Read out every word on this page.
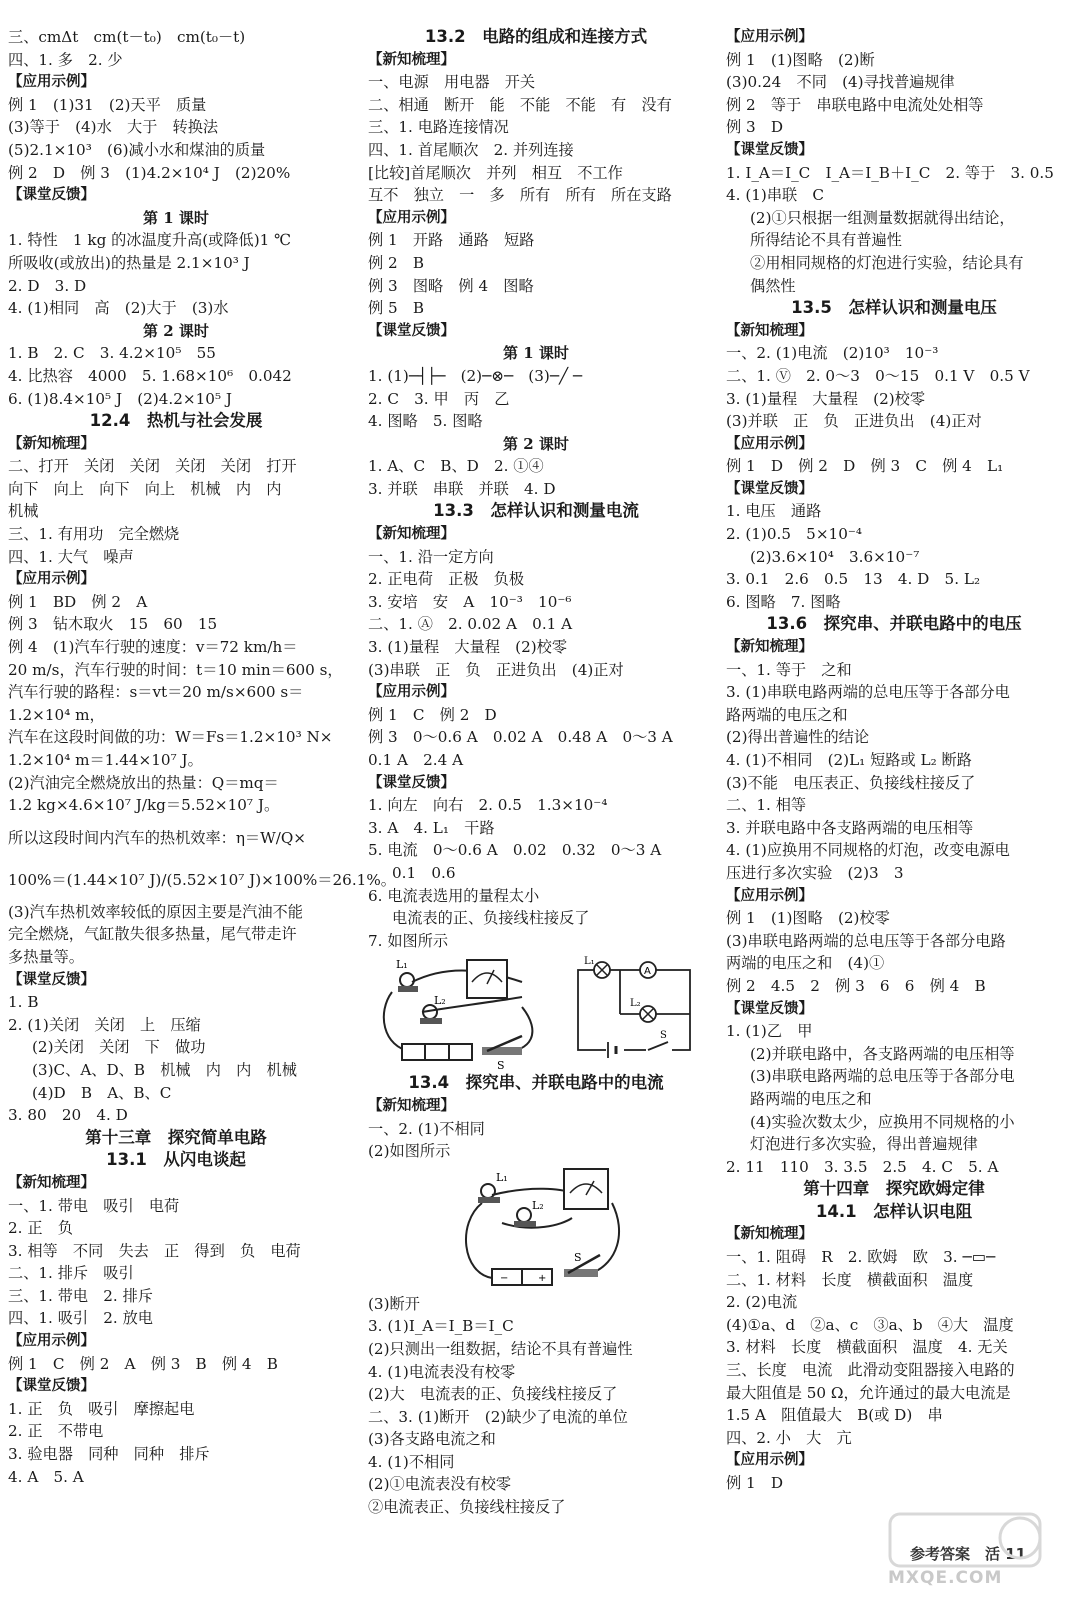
三、cmΔt　cm(t－t₀)　cm(t₀－t)
四、1. 多　2. 少
【应用示例】
例 1　(1)31　(2)天平　质量
(3)等于　(4)水　大于　转换法
(5)2.1×10³　(6)减小水和煤油的质量
例 2　D　例 3　(1)4.2×10⁴ J　(2)20%
【课堂反馈】
第 1 课时
1. 特性　1 kg 的冰温度升高(或降低)1 ℃
所吸收(或放出)的热量是 2.1×10³ J
2. D　3. D
4. (1)相同　高　(2)大于　(3)水
第 2 课时
1. B　2. C　3. 4.2×10⁵　55
4. 比热容　4000　5. 1.68×10⁶　0.042
6. (1)8.4×10⁵ J　(2)4.2×10⁵ J
12.4　热机与社会发展
【新知梳理】
二、打开　关闭　关闭　关闭　关闭　打开
向下　向上　向下　向上　机械　内　内
机械
三、1. 有用功　完全燃烧
四、1. 大气　噪声
【应用示例】
例 1　BD　例 2　A
例 3　钻木取火　15　60　15
例 4　(1)汽车行驶的速度：v＝72 km/h＝
20 m/s，汽车行驶的时间：t＝10 min＝600 s，
汽车行驶的路程：s＝vt＝20 m/s×600 s＝
1.2×10⁴ m，
汽车在这段时间做的功：W＝Fs＝1.2×10³ N×
1.2×10⁴ m＝1.44×10⁷ J。
(2)汽油完全燃烧放出的热量：Q＝mq＝
1.2 kg×4.6×10⁷ J/kg＝5.52×10⁷ J。
所以这段时间内汽车的热机效率：η＝W/Q×
100%＝(1.44×10⁷ J)/(5.52×10⁷ J)×100%＝26.1%。
(3)汽车热机效率较低的原因主要是汽油不能
完全燃烧，气缸散失很多热量，尾气带走许
多热量等。
【课堂反馈】
1. B
2. (1)关闭　关闭　上　压缩
(2)关闭　关闭　下　做功
(3)C、A、D、B　机械　内　内　机械
(4)D　B　A、B、C
3. 80　20　4. D
第十三章　探究简单电路
13.1　从闪电谈起
【新知梳理】
一、1. 带电　吸引　电荷
2. 正　负
3. 相等　不同　失去　正　得到　负　电荷
二、1. 排斥　吸引
三、1. 带电　2. 排斥
四、1. 吸引　2. 放电
【应用示例】
例 1　C　例 2　A　例 3　B　例 4　B
【课堂反馈】
1. 正　负　吸引　摩擦起电
2. 正　不带电
3. 验电器　同种　同种　排斥
4. A　5. A
13.2　电路的组成和连接方式
【新知梳理】
一、电源　用电器　开关
二、相通　断开　能　不能　不能　有　没有
三、1. 电路连接情况
四、1. 首尾顺次　2. 并列连接
[比较]首尾顺次　并列　相互　不工作
互不　独立　一　多　所有　所有　所在支路
【应用示例】
例 1　开路　通路　短路
例 2　B
例 3　图略　例 4　图略
例 5　B
【课堂反馈】
第 1 课时
1. (1)─┤├─　(2)─⊗─　(3)─╱ ─
2. C　3. 甲　丙　乙
4. 图略　5. 图略
第 2 课时
1. A、C　B、D　2. ①④
3. 并联　串联　并联　4. D
13.3　怎样认识和测量电流
【新知梳理】
一、1. 沿一定方向
2. 正电荷　正极　负极
3. 安培　安　A　10⁻³　10⁻⁶
二、1. Ⓐ　2. 0.02 A　0.1 A
3. (1)量程　大量程　(2)校零
(3)串联　正　负　正进负出　(4)正对
【应用示例】
例 1　C　例 2　D
例 3　0～0.6 A　0.02 A　0.48 A　0～3 A
0.1 A　2.4 A
【课堂反馈】
1. 向左　向右　2. 0.5　1.3×10⁻⁴
3. A　4. L₁　干路
5. 电流　0～0.6 A　0.02　0.32　0～3 A
0.1　0.6
6. 电流表选用的量程太小
电流表的正、负接线柱接反了
7. 如图所示
L₁
L₂
S
A
L₁
L₂
S
13.4　探究串、并联电路中的电流
【新知梳理】
一、2. (1)不相同
(2)如图所示
−	+
L₁
L₂
S
(3)断开
3. (1)I_A＝I_B＝I_C
(2)只测出一组数据，结论不具有普遍性
4. (1)电流表没有校零
(2)大　电流表的正、负接线柱接反了
二、3. (1)断开　(2)缺少了电流的单位
(3)各支路电流之和
4. (1)不相同
(2)①电流表没有校零
②电流表正、负接线柱接反了
【应用示例】
例 1　(1)图略　(2)断
(3)0.24　不同　(4)寻找普遍规律
例 2　等于　串联电路中电流处处相等
例 3　D
【课堂反馈】
1. I_A＝I_C　I_A＝I_B＋I_C　2. 等于　3. 0.5
4. (1)串联　C
(2)①只根据一组测量数据就得出结论，
所得结论不具有普遍性
②用相同规格的灯泡进行实验，结论具有
偶然性
13.5　怎样认识和测量电压
【新知梳理】
一、2. (1)电流　(2)10³　10⁻³
二、1. Ⓥ　2. 0～3　0～15　0.1 V　0.5 V
3. (1)量程　大量程　(2)校零
(3)并联　正　负　正进负出　(4)正对
【应用示例】
例 1　D　例 2　D　例 3　C　例 4　L₁
【课堂反馈】
1. 电压　通路
2. (1)0.5　5×10⁻⁴
(2)3.6×10⁴　3.6×10⁻⁷
3. 0.1　2.6　0.5　13　4. D　5. L₂
6. 图略　7. 图略
13.6　探究串、并联电路中的电压
【新知梳理】
一、1. 等于　之和
3. (1)串联电路两端的总电压等于各部分电
路两端的电压之和
(2)得出普遍性的结论
4. (1)不相同　(2)L₁ 短路或 L₂ 断路
(3)不能　电压表正、负接线柱接反了
二、1. 相等
3. 并联电路中各支路两端的电压相等
4. (1)应换用不同规格的灯泡，改变电源电
压进行多次实验　(2)3　3
【应用示例】
例 1　(1)图略　(2)校零
(3)串联电路两端的总电压等于各部分电路
两端的电压之和　(4)①
例 2　4.5　2　例 3　6　6　例 4　B
【课堂反馈】
1. (1)乙　甲
(2)并联电路中，各支路两端的电压相等
(3)串联电路两端的总电压等于各部分电
路两端的电压之和
(4)实验次数太少，应换用不同规格的小
灯泡进行多次实验，得出普遍规律
2. 11　110　3. 3.5　2.5　4. C　5. A
第十四章　探究欧姆定律
14.1　怎样认识电阻
【新知梳理】
一、1. 阻碍　R　2. 欧姆　欧　3. ─▭─
二、1. 材料　长度　横截面积　温度
2. (2)电流
(4)①a、d　②a、c　③a、b　④大　温度
3. 材料　长度　横截面积　温度　4. 无关
三、长度　电流　此滑动变阻器接入电路的
最大阻值是 50 Ω，允许通过的最大电流是
1.5 A　阻值最大　B(或 D)　串
四、2. 小　大　亢
【应用示例】
例 1　D
参考答案　活 11
MXQE.COM
